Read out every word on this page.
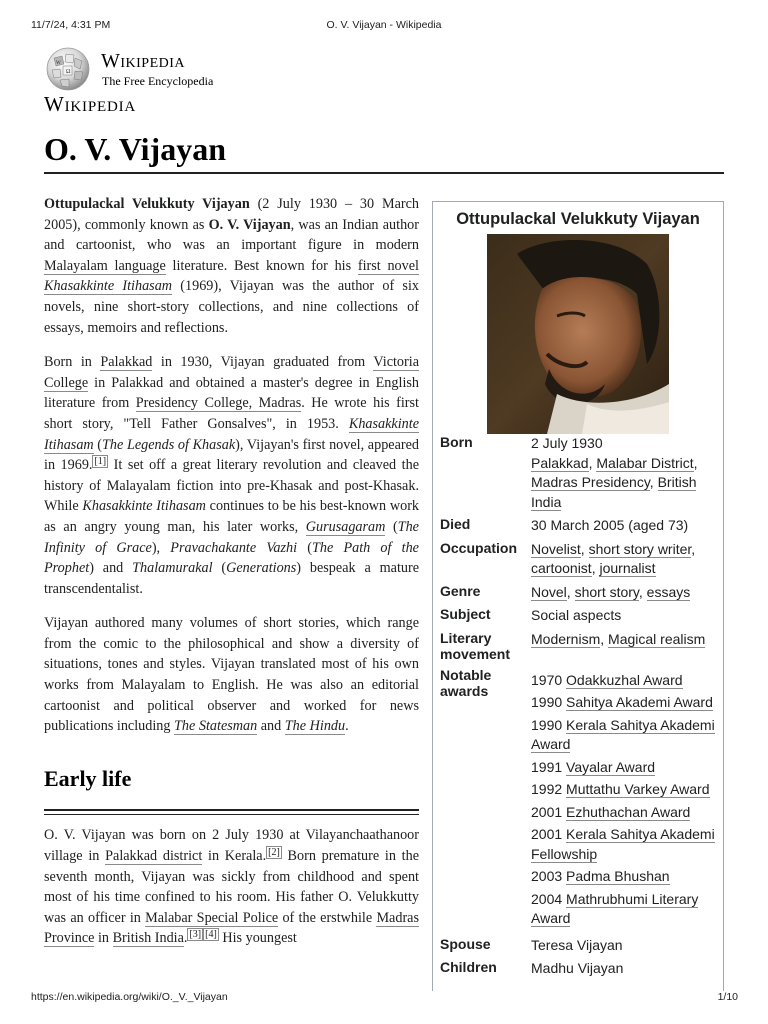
11/7/24, 4:31 PM	O. V. Vijayan - Wikipedia
W
Ω Wikipedia
The Free Encyclopedia
Wikipedia
O. V. Vijayan

Ottupulackal Velukkuty Vijayan (2 July 1930 – 30 March 2005), commonly known as O. V. Vijayan, was an Indian author and cartoonist, who was an important figure in modern Malayalam language literature. Best known for his first novel Khasakkinte Itihasam (1969), Vijayan was the author of six novels, nine short-story collections, and nine collections of essays, memoirs and reflections.

Born in Palakkad in 1930, Vijayan graduated from Victoria College in Palakkad and obtained a master's degree in English literature from Presidency College, Madras. He wrote his first short story, "Tell Father Gonsalves", in 1953. Khasakkinte Itihasam (The Legends of Khasak), Vijayan's first novel, appeared in 1969. [1] It set off a great literary revolution and cleaved the history of Malayalam fiction into pre-Khasak and post-Khasak. While Khasakkinte Itihasam continues to be his best-known work as an angry young man, his later works, Gurusagaram (The Infinity of Grace), Pravachakante Vazhi (The Path of the Prophet) and Thalamurakal (Generations) bespeak a mature transcendentalist.

Vijayan authored many volumes of short stories, which range from the comic to the philosophical and show a diversity of situations, tones and styles. Vijayan translated most of his own works from Malayalam to English. He was also an editorial cartoonist and political observer and worked for news publications including The Statesman and The Hindu.

Early life

O. V. Vijayan was born on 2 July 1930 at Vilayanchaathanoor village in Palakkad district in Kerala. [2] Born premature in the seventh month, Vijayan was sickly from childhood and spent most of his time confined to his room. His father O. Velukkutty was an officer in Malabar Special Police of the erstwhile Madras Province in British India. [3] [4] His youngest

Ottupulackal Velukkuty Vijayan
Born	2 July 1930
Palakkad, Malabar District,
Madras Presidency, British India
Died	30 March 2005 (aged 73)
Occupation Novelist, short story writer,
cartoonist, journalist
Genre	Novel, short story, essays
Subject	Social aspects
Literary
movement
Modernism, Magical realism
Notable
awards
1970 Odakkuzhal Award
1990 Sahitya Akademi Award
1990 Kerala Sahitya Akademi Award
1991 Vayalar Award
1992 Muttathu Varkey Award
2001 Ezhuthachan Award
2001 Kerala Sahitya Akademi Fellowship
2003 Padma Bhushan
2004 Mathrubhumi Literary Award
Spouse	Teresa Vijayan
Children	Madhu Vijayan
https://en.wikipedia.org/wiki/O._V._Vijayan	1/10
